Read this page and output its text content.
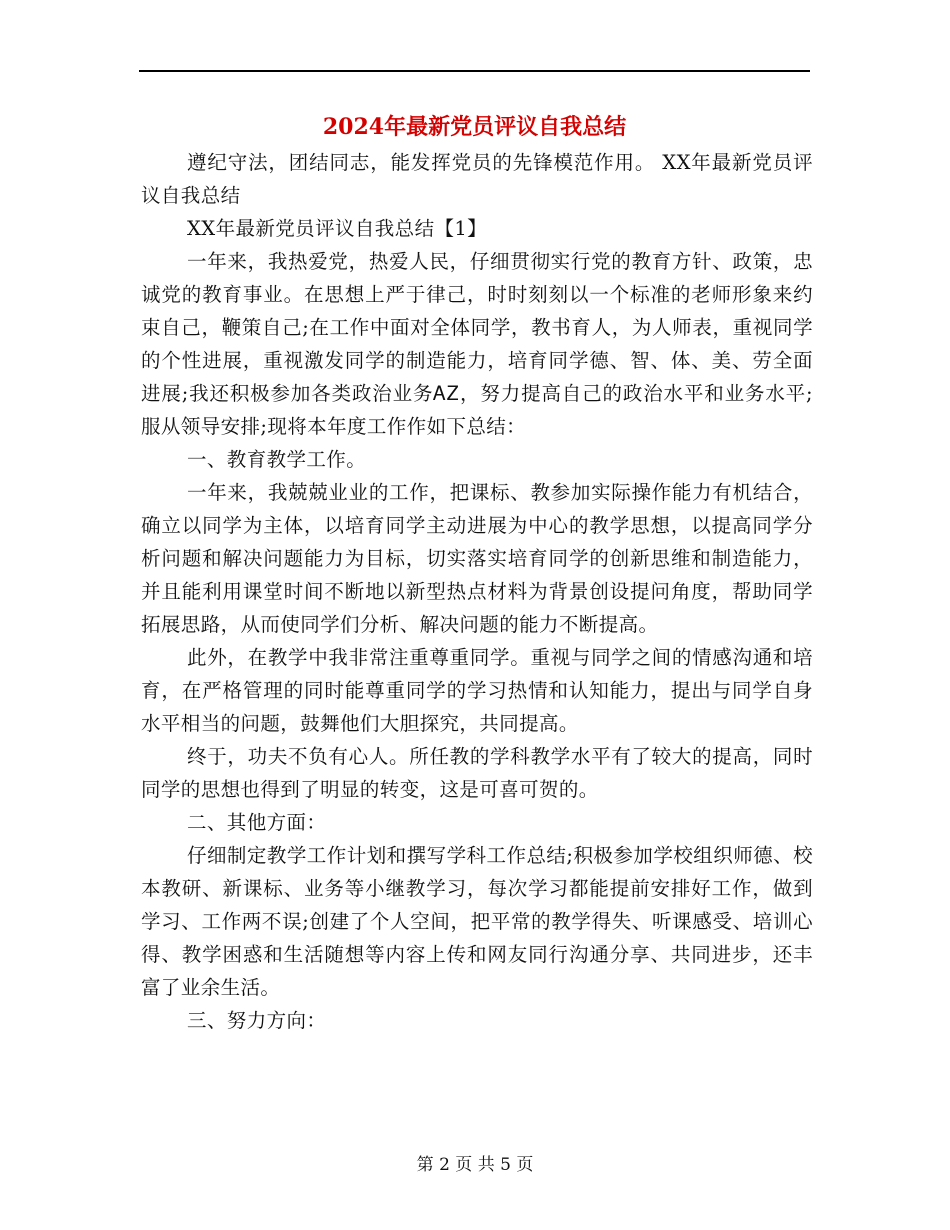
2024年最新党员评议自我总结

遵纪守法，团结同志，能发挥党员的先锋模范作用。 XX年最新党员评议自我总结

XX年最新党员评议自我总结【1】

一年来，我热爱党，热爱人民，仔细贯彻实行党的教育方针、政策，忠诚党的教育事业。在思想上严于律己，时时刻刻以一个标准的老师形象来约束自己，鞭策自己;在工作中面对全体同学，教书育人，为人师表，重视同学的个性进展，重视激发同学的制造能力，培育同学德、智、体、美、劳全面进展;我还积极参加各类政治业务ᎪᏃ，努力提高自己的政治水平和业务水平;服从领导安排;现将本年度工作作如下总结：

一、教育教学工作。

一年来，我兢兢业业的工作，把课标、教参加实际操作能力有机结合，确立以同学为主体，以培育同学主动进展为中心的教学思想，以提高同学分析问题和解决问题能力为目标，切实落实培育同学的创新思维和制造能力，并且能利用课堂时间不断地以新型热点材料为背景创设提问角度，帮助同学拓展思路，从而使同学们分析、解决问题的能力不断提高。

此外，在教学中我非常注重尊重同学。重视与同学之间的情感沟通和培育，在严格管理的同时能尊重同学的学习热情和认知能力，提出与同学自身水平相当的问题，鼓舞他们大胆探究，共同提高。

终于，功夫不负有心人。所任教的学科教学水平有了较大的提高，同时同学的思想也得到了明显的转变，这是可喜可贺的。

二、其他方面：

仔细制定教学工作计划和撰写学科工作总结;积极参加学校组织师德、校本教研、新课标、业务等小继教学习，每次学习都能提前安排好工作，做到学习、工作两不误;创建了个人空间，把平常的教学得失、听课感受、培训心得、教学困惑和生活随想等内容上传和网友同行沟通分享、共同进步，还丰富了业余生活。

三、努力方向：

第 2 页 共 5 页
